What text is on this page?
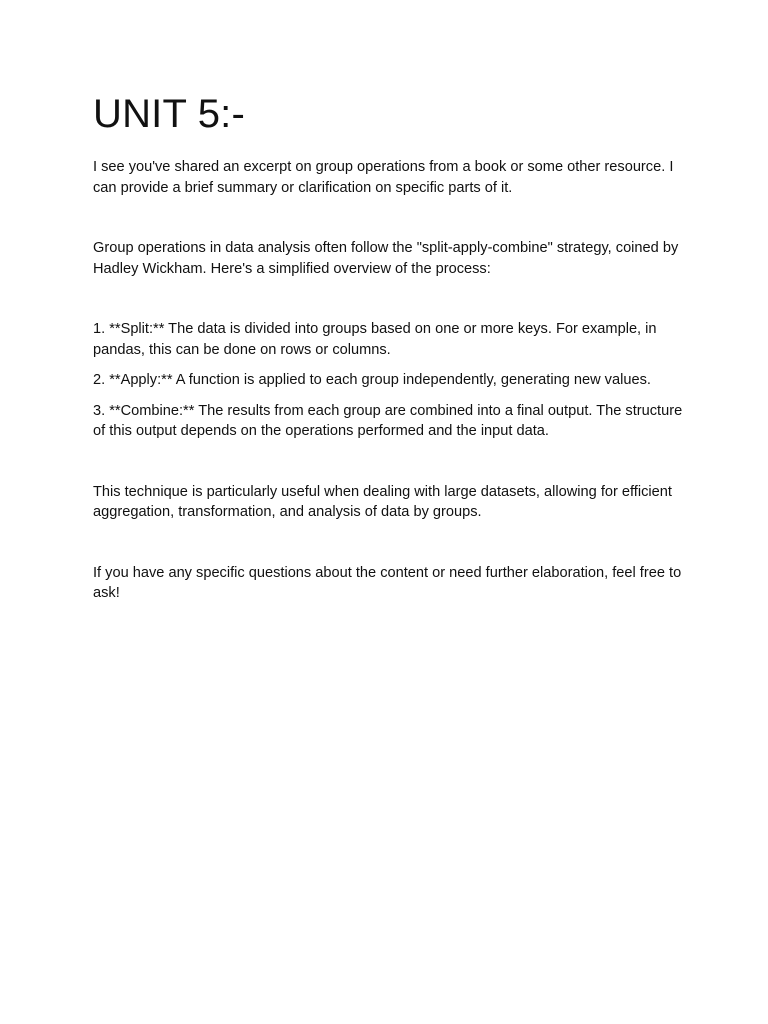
UNIT 5:-

I see you've shared an excerpt on group operations from a book or some other resource. I can provide a brief summary or clarification on specific parts of it.

Group operations in data analysis often follow the "split-apply-combine" strategy, coined by Hadley Wickham. Here's a simplified overview of the process:

1. **Split:** The data is divided into groups based on one or more keys. For example, in pandas, this can be done on rows or columns.

2. **Apply:** A function is applied to each group independently, generating new values.

3. **Combine:** The results from each group are combined into a final output. The structure of this output depends on the operations performed and the input data.

This technique is particularly useful when dealing with large datasets, allowing for efficient aggregation, transformation, and analysis of data by groups.

If you have any specific questions about the content or need further elaboration, feel free to ask!
